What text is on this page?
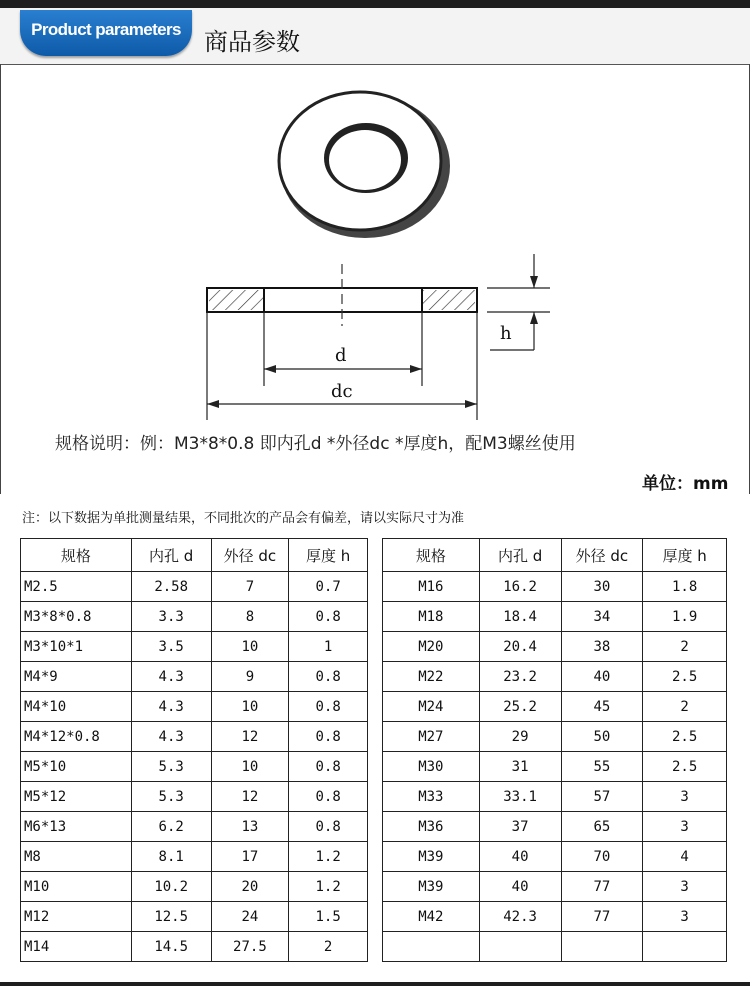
Product parameters 商品参数
h
d
dc
规格说明：例：M3*8*0.8 即内孔d *外径dc *厚度h，配M3螺丝使用
单位：mm
注：以下数据为单批测量结果，不同批次的产品会有偏差，请以实际尺寸为准
规格	内孔 d	外径 dc	厚度 h
M2.5	2.58	7	0.7
M3*8*0.8	3.3	8	0.8
M3*10*1	3.5	10	1
M4*9	4.3	9	0.8
M4*10	4.3	10	0.8
M4*12*0.8	4.3	12	0.8
M5*10	5.3	10	0.8
M5*12	5.3	12	0.8
M6*13	6.2	13	0.8
M8	8.1	17	1.2
M10	10.2	20	1.2
M12	12.5	24	1.5
M14	14.5	27.5	2
规格	内孔 d	外径 dc	厚度 h
M16	16.2	30	1.8
M18	18.4	34	1.9
M20	20.4	38	2
M22	23.2	40	2.5
M24	25.2	45	2
M27	29	50	2.5
M30	31	55	2.5
M33	33.1	57	3
M36	37	65	3
M39	40	70	4
M39	40	77	3
M42	42.3	77	3
